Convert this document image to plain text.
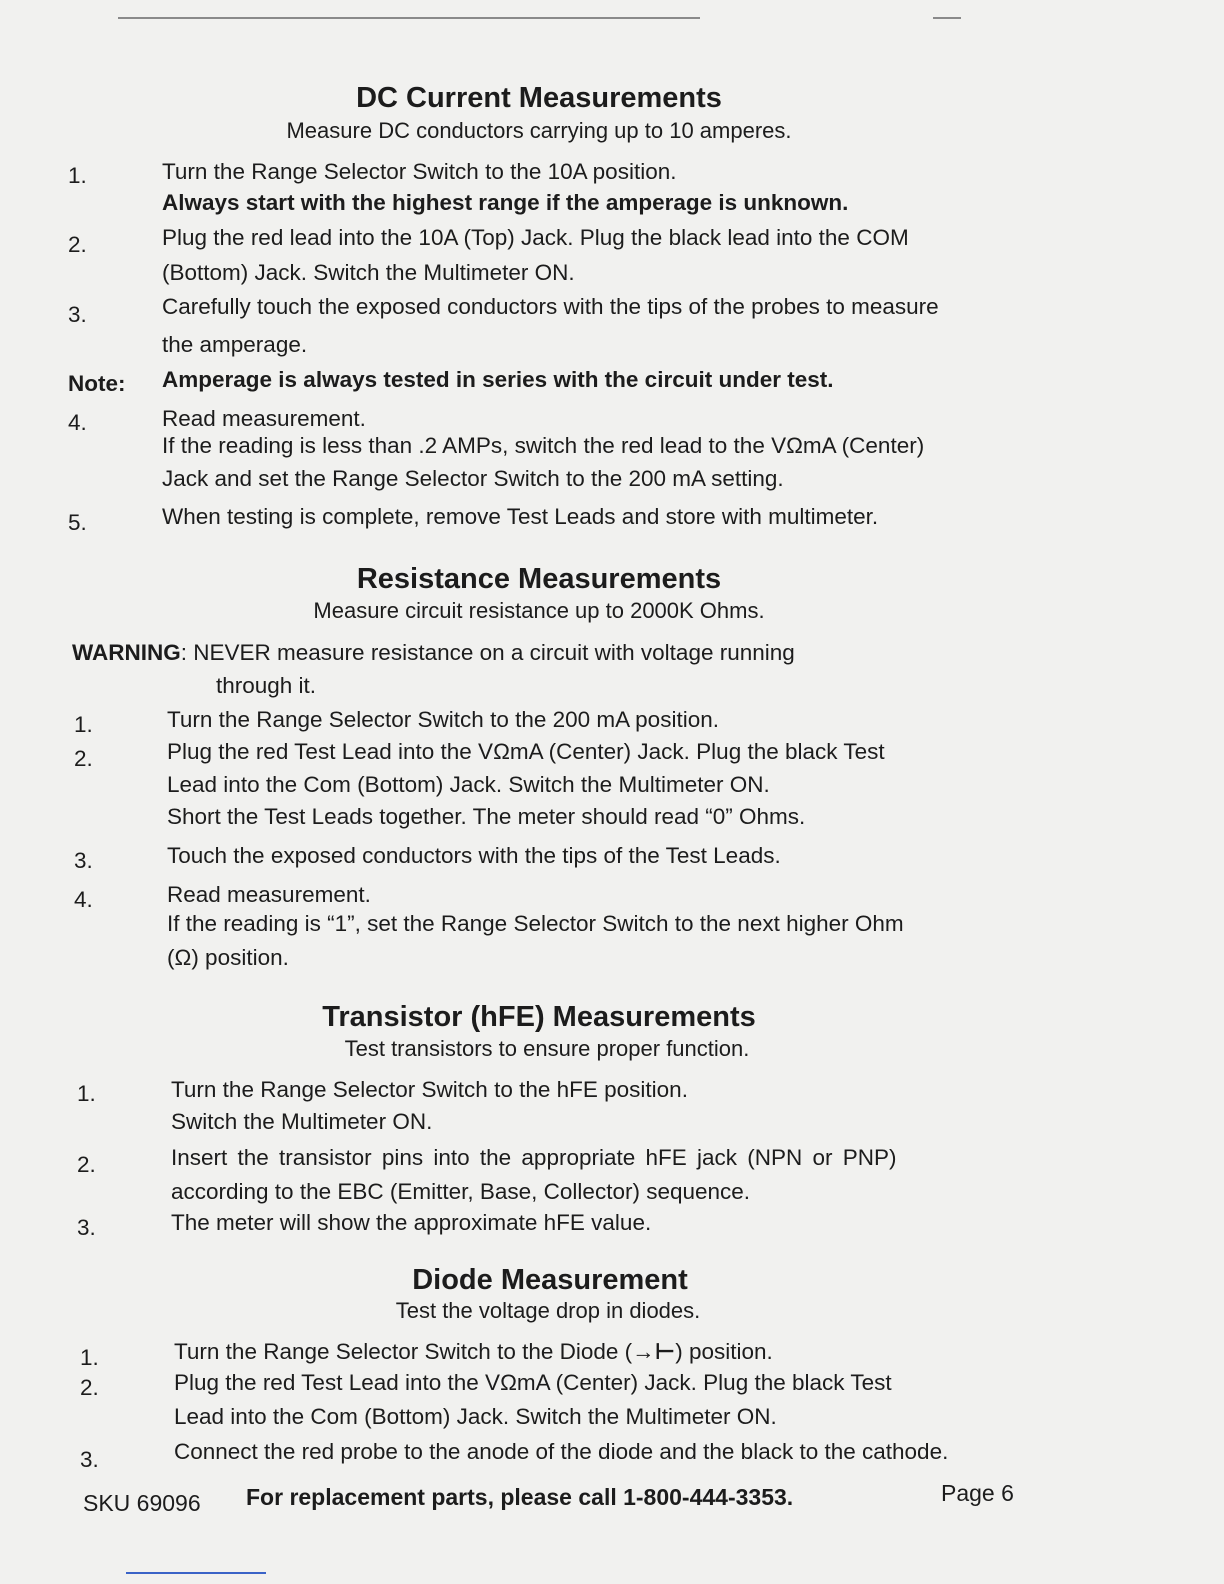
DC Current Measurements
Measure DC conductors carrying up to 10 amperes.
1.	Turn the Range Selector Switch to the 10A position.
Always start with the highest range if the amperage is unknown.
2.	Plug the red lead into the 10A (Top) Jack. Plug the black lead into the COM
(Bottom) Jack. Switch the Multimeter ON.
3.	Carefully touch the exposed conductors with the tips of the probes to measure
the amperage.
Note: Amperage is always tested in series with the circuit under test.
4.	Read measurement.
If the reading is less than .2 AMPs, switch the red lead to the VΩmA (Center)
Jack and set the Range Selector Switch to the 200 mA setting.
5.	When testing is complete, remove Test Leads and store with multimeter.
Resistance Measurements
Measure circuit resistance up to 2000K Ohms.
WARNING: NEVER measure resistance on a circuit with voltage running
through it.
1.	Turn the Range Selector Switch to the 200 mA position.
2.	Plug the red Test Lead into the VΩmA (Center) Jack. Plug the black Test
Lead into the Com (Bottom) Jack. Switch the Multimeter ON.
Short the Test Leads together. The meter should read “0” Ohms.
3.	Touch the exposed conductors with the tips of the Test Leads.
4.	Read measurement.
If the reading is “1”, set the Range Selector Switch to the next higher Ohm
(Ω) position.
Transistor (hFE) Measurements
Test transistors to ensure proper function.
1.	Turn the Range Selector Switch to the hFE position.
Switch the Multimeter ON.
2.	Insert the transistor pins into the appropriate hFE jack (NPN or PNP)
according to the EBC (Emitter, Base, Collector) sequence.
3.	The meter will show the approximate hFE value.
Diode Measurement
Test the voltage drop in diodes.
1.	Turn the Range Selector Switch to the Diode (→⊢) position.
2.	Plug the red Test Lead into the VΩmA (Center) Jack. Plug the black Test
Lead into the Com (Bottom) Jack. Switch the Multimeter ON.
3.	Connect the red probe to the anode of the diode and the black to the cathode.
SKU 69096 For replacement parts, please call 1-800-444-3353.	Page 6
